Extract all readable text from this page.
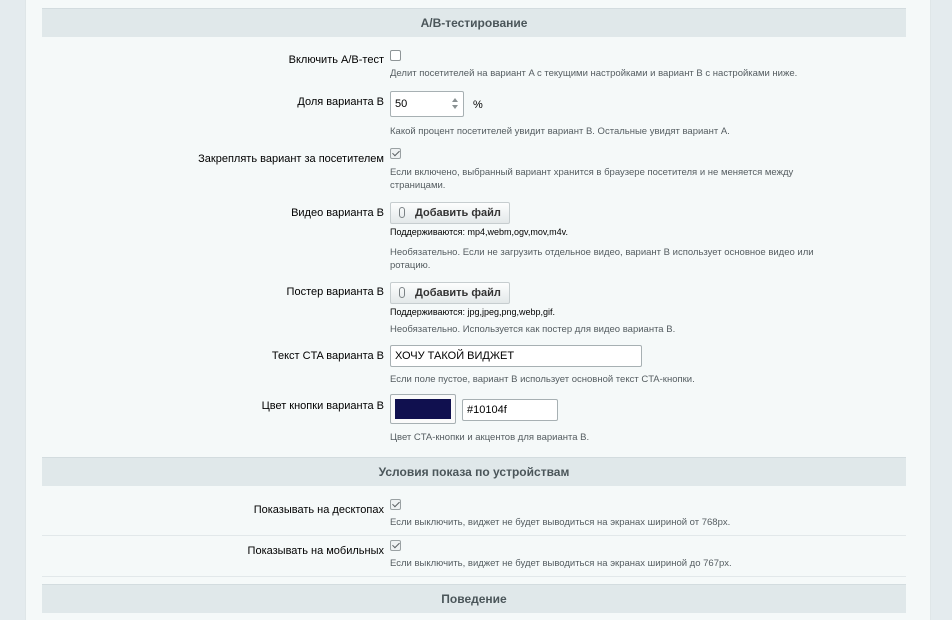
A/B-тестирование
Включить A/B-тест
Делит посетителей на вариант A с текущими настройками и вариант B с настройками ниже.
Доля варианта B 50	%
Какой процент посетителей увидит вариант B. Остальные увидят вариант A.
Закреплять вариант за посетителем
Если включено, выбранный вариант хранится в браузере посетителя и не меняется между страницами.
Видео варианта B	Добавить файл
Поддерживаются: mp4,webm,ogv,mov,m4v.
Необязательно. Если не загрузить отдельное видео, вариант B использует основное видео или ротацию.
Постер варианта B	Добавить файл
Поддерживаются: jpg,jpeg,png,webp,gif.
Необязательно. Используется как постер для видео варианта B.
Текст CTA варианта B	ХОЧУ ТАКОЙ ВИДЖЕТ
Если поле пустое, вариант B использует основной текст CTA-кнопки.
Цвет кнопки варианта B	#10104f
Цвет CTA-кнопки и акцентов для варианта B.
Условия показа по устройствам
Показывать на десктопах
Если выключить, виджет не будет выводиться на экранах шириной от 768px.
Показывать на мобильных
Если выключить, виджет не будет выводиться на экранах шириной до 767px.
Поведение
